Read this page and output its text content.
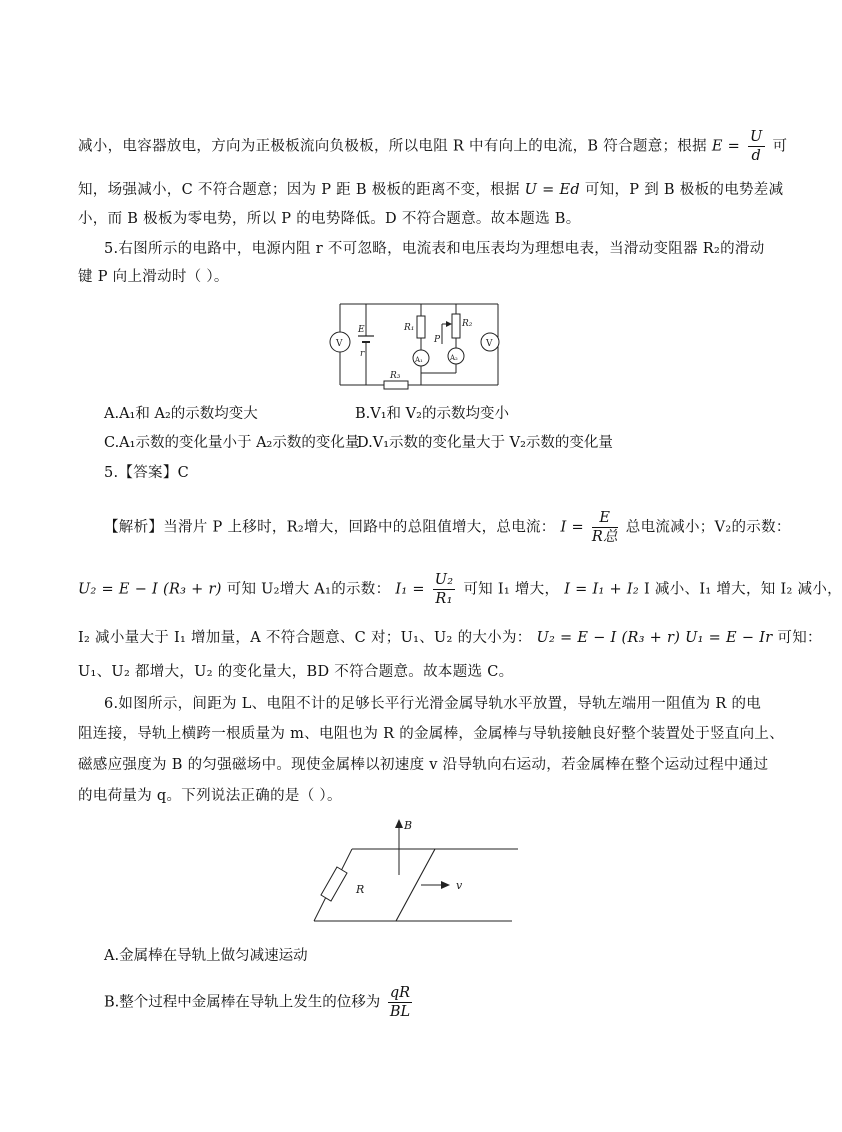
减小，电容器放电，方向为正极板流向负极板，所以电阻 R 中有向上的电流，B 符合题意；根据 $E = \frac{U}{d}$ 可
知，场强减小，C 不符合题意；因为 P 距 B 极板的距离不变，根据 U = Ed 可知，P 到 B 极板的电势差减
小，而 B 极板为零电势，所以 P 的电势降低。D 不符合题意。故本题选 B。
5.右图所示的电路中，电源内阻 r 不可忽略，电流表和电压表均为理想电表，当滑动变阻器 R₂的滑动
键 P 向上滑动时（ ）。
V
E
r
R₁
P
R₂
A₁	A₂
V
R₃
A.A₁和 A₂的示数均变大	B.V₁和 V₂的示数均变小
C.A₁示数的变化量小于 A₂示数的变化量
D.V₁示数的变化量大于 V₂示数的变化量
5.【答案】C
【解析】当滑片 P 上移时，R₂增大，回路中的总阻值增大，总电流： $I = \frac{E}{\text{R总}}$ 总电流减小；V₂的示数：
U₂ = E − I (R₃ + r) 可知 U₂增大 A₁的示数： $I_1 = \frac{\text{U₂}}{\text{R₁}}$ 可知 I₁ 增大， I = I₁ + I₂ I 减小、I₁ 增大，知 I₂ 减小，
I₂ 减小量大于 I₁ 增加量，A 不符合题意、C 对；U₁、U₂ 的大小为： U₂ = E − I (R₃ + r) U₁ = E − Ir 可知：
U₁、U₂ 都增大，U₂ 的变化量大，BD 不符合题意。故本题选 C。
6.如图所示，间距为 L、电阻不计的足够长平行光滑金属导轨水平放置，导轨左端用一阻值为 R 的电
阻连接，导轨上横跨一根质量为 m、电阻也为 R 的金属棒，金属棒与导轨接触良好整个装置处于竖直向上、
磁感应强度为 B 的匀强磁场中。现使金属棒以初速度 v 沿导轨向右运动，若金属棒在整个运动过程中通过
的电荷量为 q。下列说法正确的是（ ）。
B
R	v
A.金属棒在导轨上做匀减速运动
B.整个过程中金属棒在导轨上发生的位移为 $\frac{qR}{BL}$
